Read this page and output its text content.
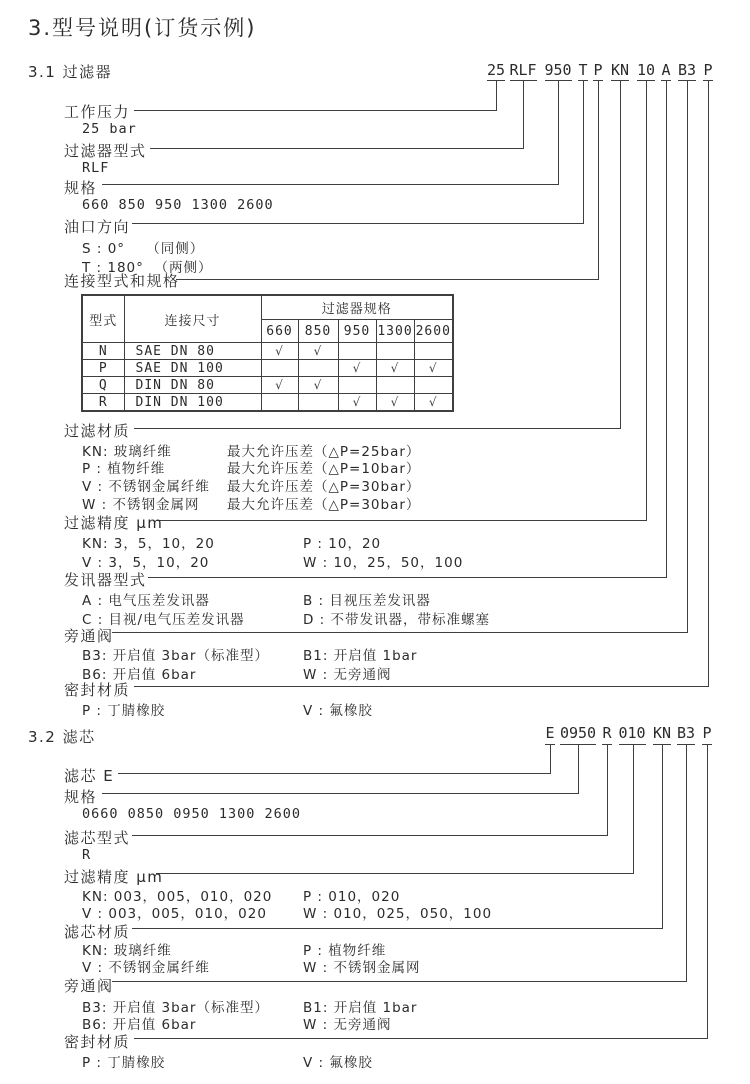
3.型号说明(订货示例)
3.1 过滤器	25 RLF 950 T P KN 10 A B3 P
工作压力
25 bar
过滤器型式
RLF
规格
660 850 950 1300 2600
油口方向
S : 0°    （同侧）
T : 180°  （两侧）
连接型式和规格
型式	连接尺寸	过滤器规格				
		660	850	950	1300	2600
N	SAE DN 80	√	√			
P	SAE DN 100			√	√	√
Q	DIN DN 80	√	√			
R	DIN DN 100			√	√	√
过滤材质
KN: 玻璃纤维	最大允许压差（△P=25bar）
P : 植物纤维	最大允许压差（△P=10bar）
V : 不锈钢金属纤维 最大允许压差（△P=30bar）
W : 不锈钢金属网 最大允许压差（△P=30bar）
过滤精度 μm
KN: 3，5，10，20	P : 10，20
V : 3，5，10，20	W : 10，25，50，100
发讯器型式
A : 电气压差发讯器	B : 目视压差发讯器
C : 目视/电气压差发讯器	D : 不带发讯器，带标准螺塞
旁通阀
B3: 开启值 3bar（标准型）	B1: 开启值 1bar
B6: 开启值 6bar	W : 无旁通阀
密封材质
P : 丁腈橡胶	V : 氟橡胶
3.2 滤芯	E 0950 R 010 KN B3 P
滤芯 E
规格
0660 0850 0950 1300 2600
滤芯型式
R
过滤精度 μm
KN: 003，005，010，020 P : 010，020
V : 003，005，010，020	W : 010，025，050，100
滤芯材质
KN: 玻璃纤维	P : 植物纤维
V : 不锈钢金属纤维	W : 不锈钢金属网
旁通阀
B3: 开启值 3bar（标准型）	B1: 开启值 1bar
B6: 开启值 6bar	W : 无旁通阀
密封材质
P : 丁腈橡胶	V : 氟橡胶
